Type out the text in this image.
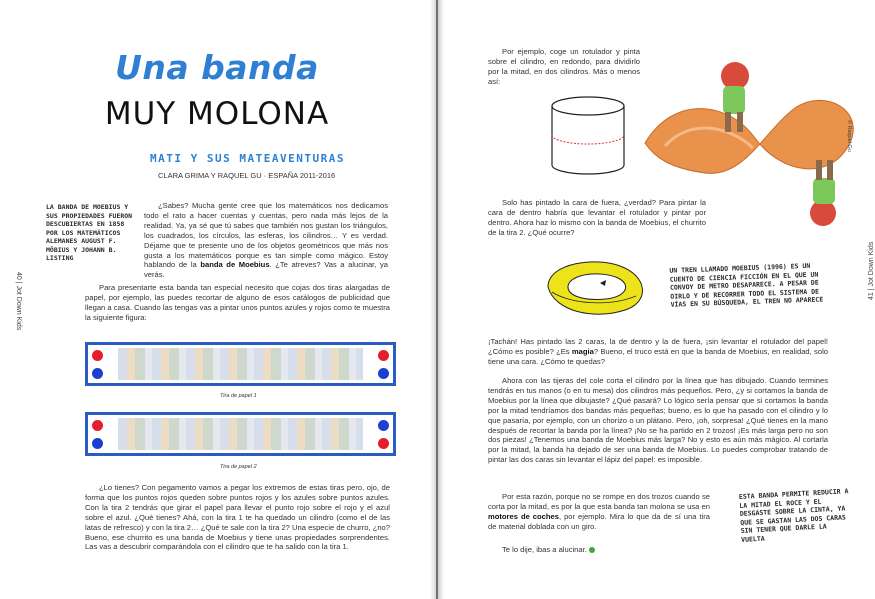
Una banda
MUY MOLONA
MATI Y SUS MATEAVENTURAS
CLARA GRIMA Y RAQUEL GU · ESPAÑA 2011-2016
LA BANDA DE MOEBIUS Y SUS PROPIEDADES FUERON DESCUBIERTAS EN 1858 POR LOS MATEMÁTICOS ALEMANES AUGUST F. MÖBIUS Y JOHANN B. LISTING

¿Sabes? Mucha gente cree que los matemáticos nos dedicamos todo el rato a hacer cuentas y cuentas, pero nada más lejos de la realidad. Ya, ya sé que tú sabes que también nos gustan los triángulos, los cuadrados, los círculos, las esferas, los cilindros… Y es verdad. Déjame que te presente uno de los objetos geométricos que más nos gusta a los matemáticos porque es tan simple como mágico. Estoy hablando de la banda de Moebius. ¿Te atreves? Vas a alucinar, ya verás.

Para presentarte esta banda tan especial necesito que cojas dos tiras alargadas de papel, por ejemplo, las puedes recortar de alguno de esos catálogos de publicidad que llegan a casa. Cuando las tengas vas a pintar unos puntos azules y rojos como te muestra la siguiente figura:

Tira de papel 1
Tira de papel 2

¿Lo tienes? Con pegamento vamos a pegar los extremos de estas tiras pero, ojo, de forma que los puntos rojos queden sobre puntos rojos y los azules sobre puntos azules. Con la tira 2 tendrás que girar el papel para llevar el punto rojo sobre el rojo y el azul sobre el azul. ¿Qué tienes? Ahá, con la tira 1 te ha quedado un cilindro (como el de las latas de refresco) y con la tira 2… ¿Qué te sale con la tira 2? Una especie de churro, ¿no? Bueno, ese churrito es una banda de Moebius y tiene unas propiedades sorprendentes. Las vas a descubrir comparándola con el cilindro que te ha salido con la tira 1.

40 | Jot Down Kids

Por ejemplo, coge un rotulador y pinta sobre el cilindro, en redondo, para dividirlo por la mitad, en dos cilindros. Más o menos así:

© Raquel Gu

Solo has pintado la cara de fuera, ¿verdad? Para pintar la cara de dentro habría que levantar el rotulador y pintar por dentro. Ahora haz lo mismo con la banda de Moebius, el churrito de la tira 2. ¿Qué ocurre?

UN TREN LLAMADO MOEBIUS (1996) ES UN CUENTO DE CIENCIA FICCIÓN EN EL QUE UN CONVOY DE METRO DESAPARECE. A PESAR DE OIRLO Y DE RECORRER TODO EL SISTEMA DE VÍAS EN SU BÚSQUEDA, EL TREN NO APARECE

¡Tachán! Has pintado las 2 caras, la de dentro y la de fuera, ¡sin levantar el rotulador del papel! ¿Cómo es posible? ¿Es magia? Bueno, el truco está en que la banda de Moebius, en realidad, solo tiene una cara. ¿Cómo te quedas?

Ahora con las tijeras del cole corta el cilindro por la línea que has dibujado. Cuando termines tendrás en tus manos (o en tu mesa) dos cilindros más pequeños. Pero, ¿y si cortamos la banda de Moebius por la línea que dibujaste? ¿Qué pasará? Lo lógico sería pensar que si cortamos la banda por la mitad tendríamos dos bandas más pequeñas; bueno, es lo que ha pasado con el cilindro y lo que pasaría, por ejemplo, con un chorizo o un plátano. Pero, ¡oh, sorpresa! ¿Qué tienes en la mano después de recortar la banda por la línea? ¡No se ha partido en 2 trozos! ¡Es más larga pero no son dos piezas! ¿Tenemos una banda de Moebius más larga? No y esto es aún más mágico. Al cortarla por la mitad, la banda ha dejado de ser una banda de Moebius. Lo puedes comprobar tratando de pintar las dos caras sin levantar el lápiz del papel: es imposible.

Por esta razón, porque no se rompe en dos trozos cuando se corta por la mitad, es por la que esta banda tan molona se usa en motores de coches, por ejemplo. Mira lo que da de sí una tira de material doblada con un giro.

ESTA BANDA PERMITE REDUCIR A LA MITAD EL ROCE Y EL DESGASTE SOBRE LA CINTA, YA QUE SE GASTAN LAS DOS CARAS SIN TENER QUE DARLE LA VUELTA

Te lo dije, ibas a alucinar.

41 | Jot Down Kids
